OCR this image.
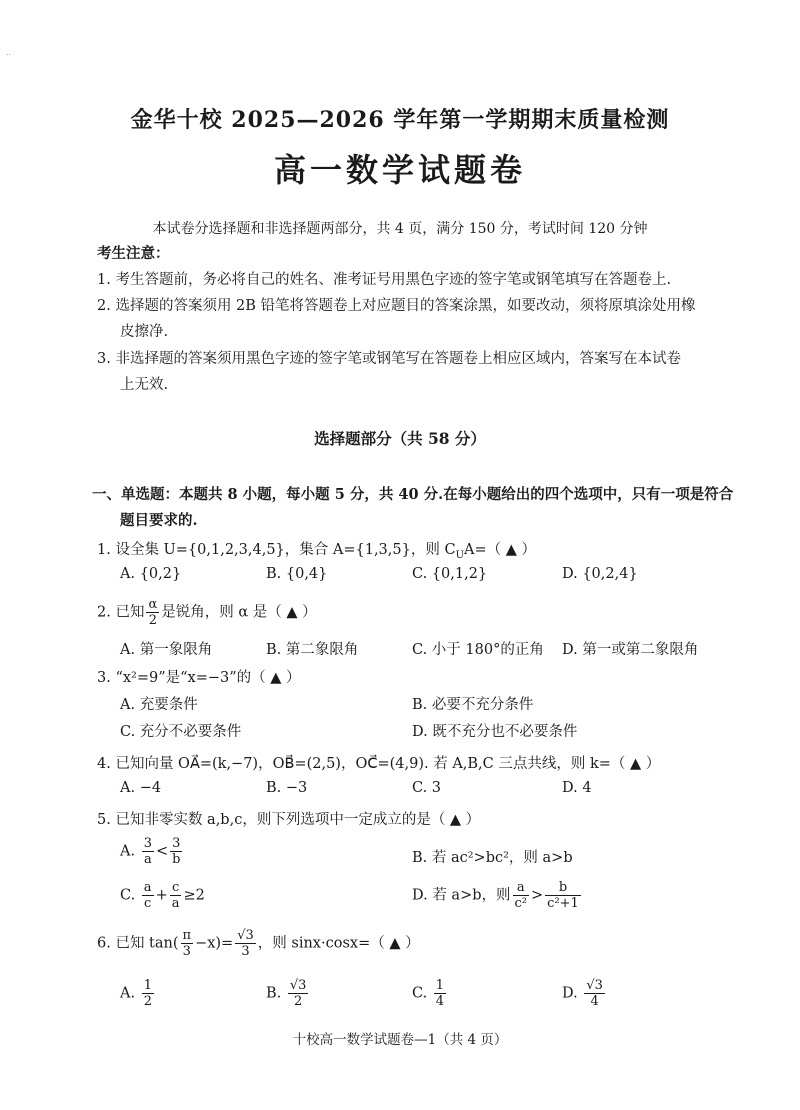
..
金华十校 2025—2026 学年第一学期期末质量检测
高一数学试题卷
本试卷分选择题和非选择题两部分，共 4 页，满分 150 分，考试时间 120 分钟
考生注意：
1. 考生答题前，务必将自己的姓名、准考证号用黑色字迹的签字笔或钢笔填写在答题卷上.
2. 选择题的答案须用 2B 铅笔将答题卷上对应题目的答案涂黑，如要改动，须将原填涂处用橡
皮擦净.
3. 非选择题的答案须用黑色字迹的签字笔或钢笔写在答题卷上相应区域内，答案写在本试卷
上无效.
选择题部分（共 58 分）
一、单选题：本题共 8 小题，每小题 5 分，共 40 分.在每小题给出的四个选项中，只有一项是符合
题目要求的.
1. 设全集 U={0,1,2,3,4,5}，集合 A={1,3,5}，则 $C_UA=$（ ▲ ）
A. {0,2}	B. {0,4}	C. {0,1,2}	D. {0,2,4}
2. 已知 $\frac{\alpha}{2}$ 是锐角，则 α 是（ ▲ ）
A. 第一象限角	B. 第二象限角	C. 小于 180°的正角 D. 第一或第二象限角
3. “x²=9”是“x=−3”的（ ▲ ）
A. 充要条件	B. 必要不充分条件
C. 充分不必要条件	D. 既不充分也不必要条件
4. 已知向量 OA⃗=(k,−7)，OB⃗=(2,5)，OC⃗=(4,9). 若 A,B,C 三点共线，则 k=（ ▲ ）
A. −4	B. −3	C. 3	D. 4
5. 已知非零实数 a,b,c，则下列选项中一定成立的是（ ▲ ）
A. $\frac{3}{a} < \frac{3}{b}$	B. 若 ac²>bc²，则 a>b
C. $\frac{a}{c} + \frac{c}{a} \ge 2$	D. 若 a>b，则 $\frac{a}{\text{c²}} > \frac{b}{\text{c²+1}}$
6. 已知 $\tan( \frac{\pi}{3} -x)= \frac{√3}{3}$ ，则 sinx·cosx=（ ▲ ）
A. $\frac{1}{2}$	B. $\frac{√3}{2}$	C. $\frac{1}{4}$	D. $\frac{√3}{4}$
十校高一数学试题卷—1（共 4 页）
